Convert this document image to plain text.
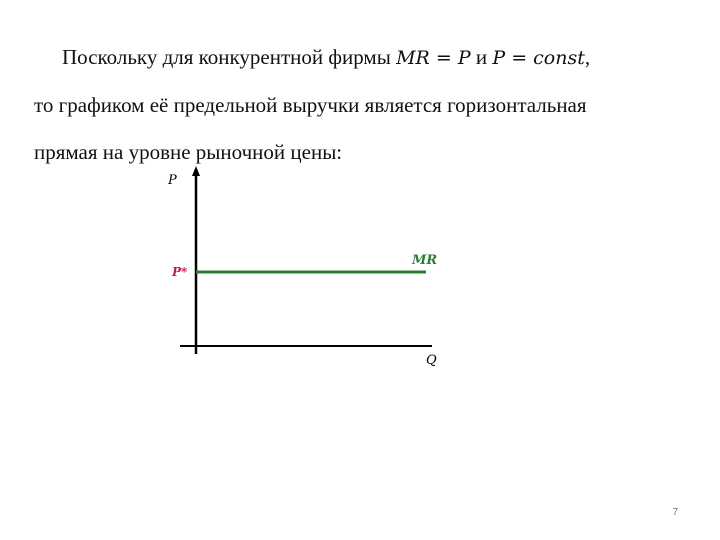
Поскольку для конкурентной фирмы MR = P и P = const,
то графиком её предельной выручки является горизонтальная
прямая на уровне рыночной цены:
P
Q
P*
MR
7
